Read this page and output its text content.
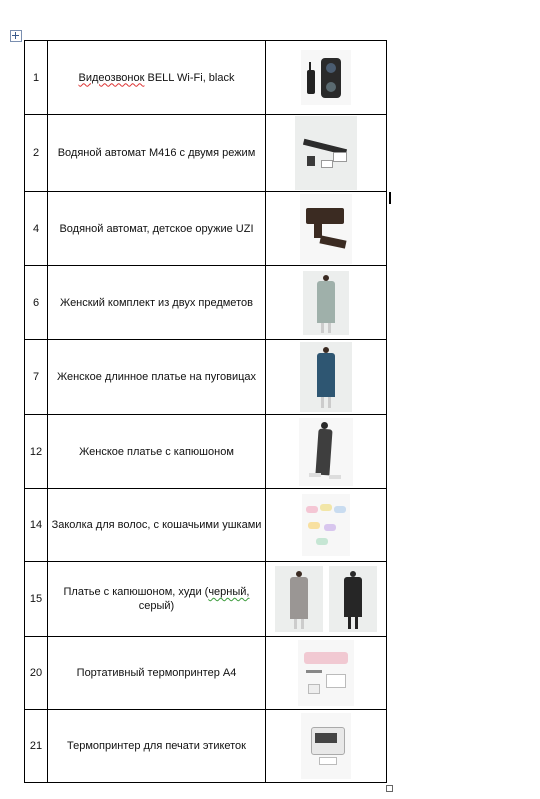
1	Видеозвонок BELL Wi-Fi, black	

2	Водяной автомат М416 с двумя режим	

4	Водяной автомат, детское оружие UZI	

6	Женский комплект из двух предметов	

7	Женское длинное платье на пуговицах	

12	Женское платье с капюшоном	

14	Заколка для волос, с кошачьими ушками	

15	Платье с капюшоном, худи (черный,
серый)	

20	Портативный термопринтер А4	

21	Термопринтер для печати этикеток	
